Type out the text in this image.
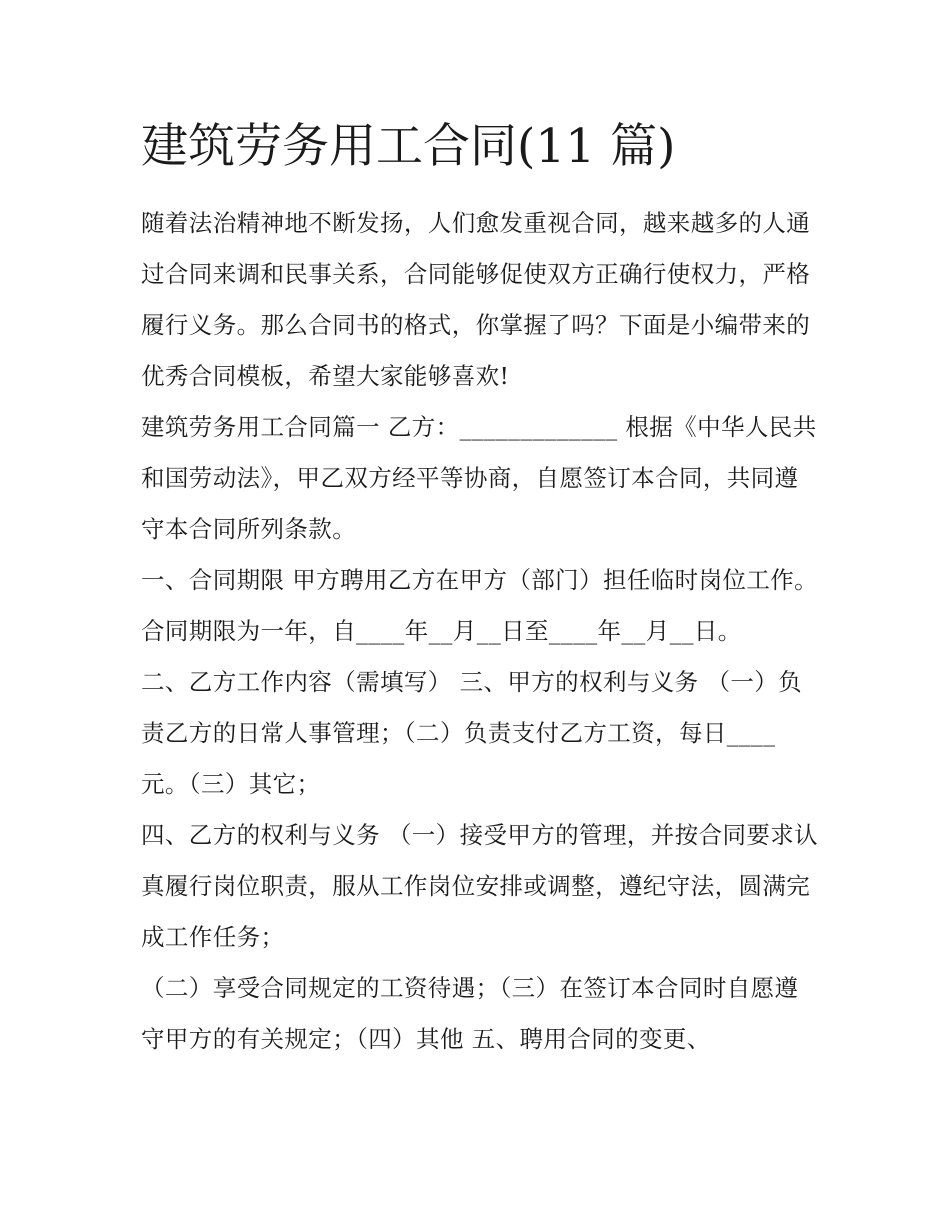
建筑劳务用工合同(11 篇)

随着法治精神地不断发扬，人们愈发重视合同，越来越多的人通过合同来调和民事关系，合同能够促使双方正确行使权力，严格履行义务。那么合同书的格式，你掌握了吗？下面是小编带来的优秀合同模板，希望大家能够喜欢!

建筑劳务用工合同篇一 乙方：_____________ 根据《中华人民共和国劳动法》，甲乙双方经平等协商，自愿签订本合同，共同遵守本合同所列条款。

一、合同期限 甲方聘用乙方在甲方（部门）担任临时岗位工作。合同期限为一年，自____年__月__日至____年__月__日。

二、乙方工作内容（需填写） 三、甲方的权利与义务 （一）负责乙方的日常人事管理；（二）负责支付乙方工资，每日____元。（三）其它；

四、乙方的权利与义务 （一）接受甲方的管理，并按合同要求认真履行岗位职责，服从工作岗位安排或调整，遵纪守法，圆满完成工作任务；

（二）享受合同规定的工资待遇；（三）在签订本合同时自愿遵守甲方的有关规定；（四）其他 五、聘用合同的变更、
